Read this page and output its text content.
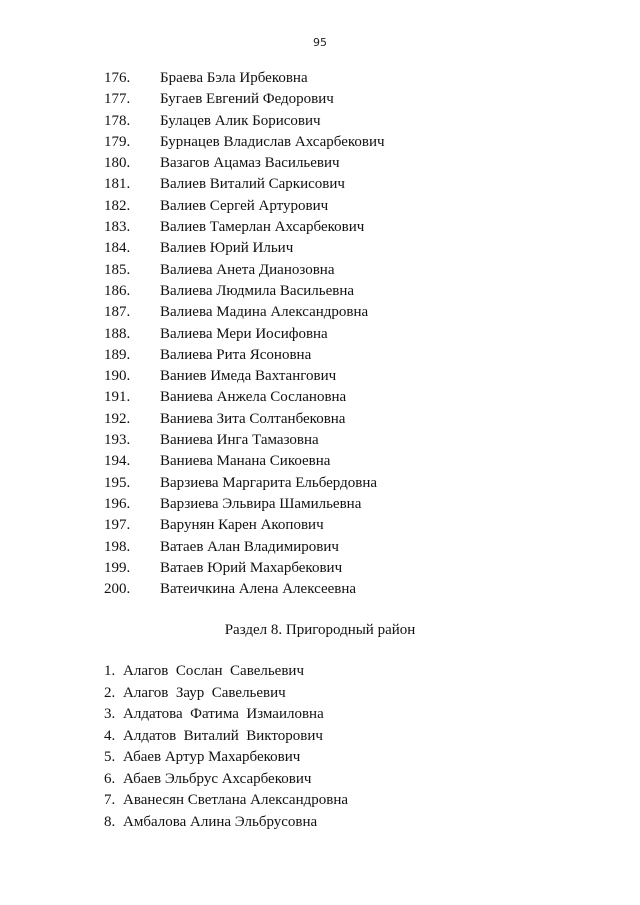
95
176. Браева Бэла Ирбековна
177. Бугаев Евгений Федорович
178. Булацев Алик Борисович
179. Бурнацев Владислав Ахсарбекович
180. Вазагов Ацамаз Васильевич
181. Валиев Виталий Саркисович
182. Валиев Сергей Артурович
183. Валиев Тамерлан Ахсарбекович
184. Валиев Юрий Ильич
185. Валиева Анета Дианозовна
186. Валиева Людмила Васильевна
187. Валиева Мадина Александровна
188. Валиева Мери Иосифовна
189. Валиева Рита Ясоновна
190. Ваниев Имеда Вахтангович
191. Ваниева Анжела Сослановна
192. Ваниева Зита Солтанбековна
193. Ваниева Инга Тамазовна
194. Ваниева Манана Сикоевна
195. Варзиева Маргарита Ельбердовна
196. Варзиева Эльвира Шамильевна
197. Варунян Карен Акопович
198. Ватаев Алан Владимирович
199. Ватаев Юрий Махарбекович
200. Ватеичкина Алена Алексеевна
Раздел 8. Пригородный район
1. Алагов  Сослан  Савельевич
2. Алагов  Заур  Савельевич
3. Алдатова  Фатима  Измаиловна
4. Алдатов  Виталий  Викторович
5. Абаев Артур Махарбекович
6. Абаев Эльбрус Ахсарбекович
7. Аванесян Светлана Александровна
8. Амбалова Алина Эльбрусовна
